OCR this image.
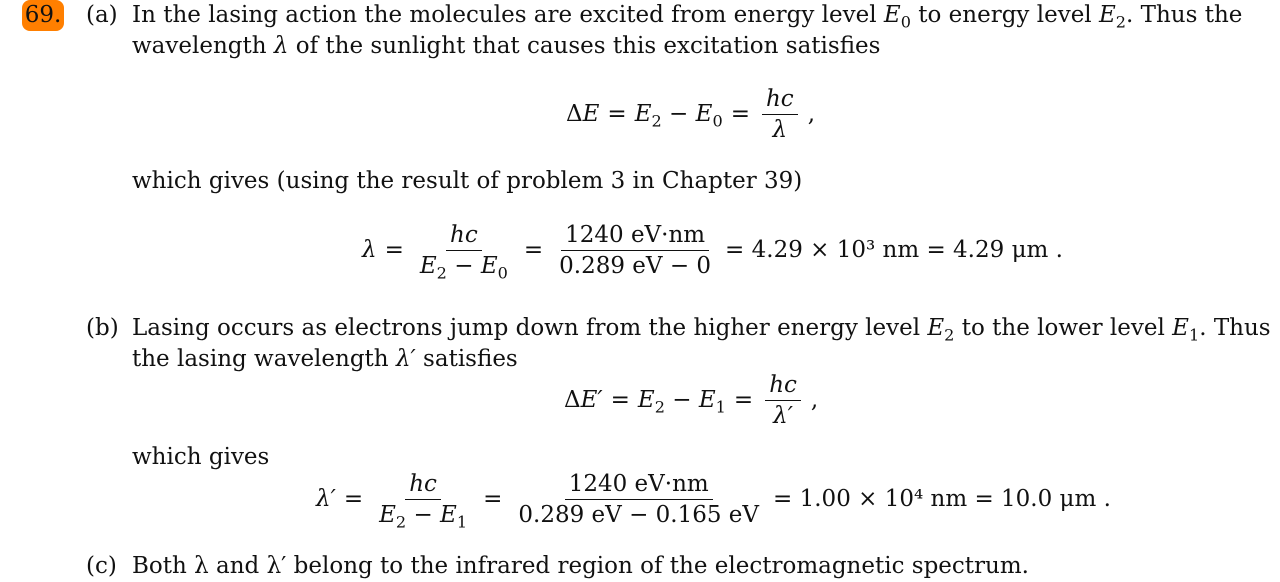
69. (a) In the lasing action the molecules are excited from energy level $E_0$ to energy level $E_2$. Thus the
wavelength λ of the sunlight that causes this excitation satisfies
$\Delta E = E_2 - E_0 = \frac{hc}{\lambda}$ ,
which gives (using the result of problem 3 in Chapter 39)
$\lambda = \frac{hc}{E_2 - E_0} = \frac{1240 eV\cdot nm}{0.289 eV - 0} = 4.29 \times 10^3$ nm = 4.29 μm .
(b) Lasing occurs as electrons jump down from the higher energy level $E_2$ to the lower level $E_1$. Thus
the lasing wavelength λ′ satisfies
$\Delta E' = E_2 - E_1 = \frac{hc}{\lambda'}$ ,
which gives
$\lambda' = \frac{hc}{E_2 - E_1} = \frac{1240 eV\cdot nm}{0.289 eV - 0.165 eV} = 1.00 \times 10^4$ nm = 10.0 μm .
(c) Both λ and λ′ belong to the infrared region of the electromagnetic spectrum.
